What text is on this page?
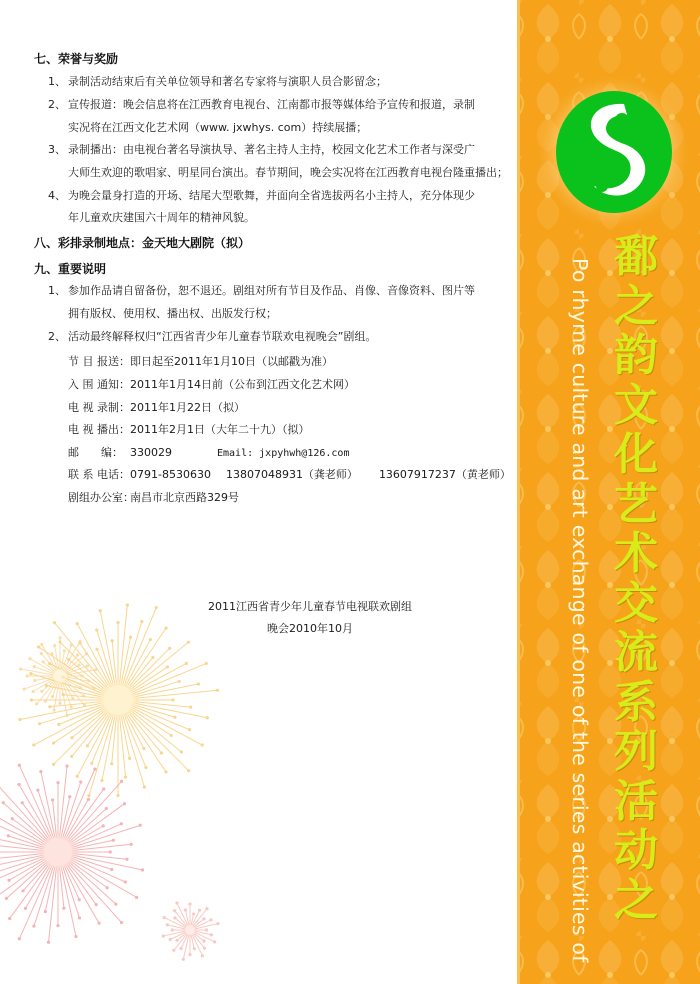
七、荣誉与奖励
1、 录制活动结束后有关单位领导和著名专家将与演职人员合影留念；
2、 宣传报道：晚会信息将在江西教育电视台、江南都市报等媒体给予宣传和报道，录制
实况将在江西文化艺术网（www. jxwhys. com）持续展播；
3、 录制播出：由电视台著名导演执导、著名主持人主持，校园文化艺术工作者与深受广
大师生欢迎的歌唱家、明星同台演出。春节期间，晚会实况将在江西教育电视台隆重播出；
4、 为晚会量身打造的开场、结尾大型歌舞，并面向全省选拔两名小主持人，充分体现少
年儿童欢庆建国六十周年的精神风貌。
八、彩排录制地点：金天地大剧院（拟）
九、重要说明
1、 参加作品请自留备份，恕不退还。剧组对所有节目及作品、肖像、音像资料、图片等
拥有版权、使用权、播出权、出版发行权；
2、 活动最终解释权归“江西省青少年儿童春节联欢电视晚会”剧组。
节 目 报送：即日起至2011年1月10日（以邮戳为准）
入 围 通知：2011年1月14日前（公布到江西文化艺术网）
电 视 录制：2011年1月22日（拟）
电 视 播出：2011年2月1日（大年二十九）（拟）
邮　　编： 330029	Email: jxpyhwh@126.com
联 系 电话：0791-8530630 13807048931（龚老师） 13607917237（黄老师）
剧组办公室：南昌市北京西路329号
2011江西省青少年儿童春节电视联欢剧组
晚会2010年10月
鄱
之
韵
文
化
艺
术
交
流
系
列
活
动
之
Po rhyme culture and art exchange of one of the series activities of
